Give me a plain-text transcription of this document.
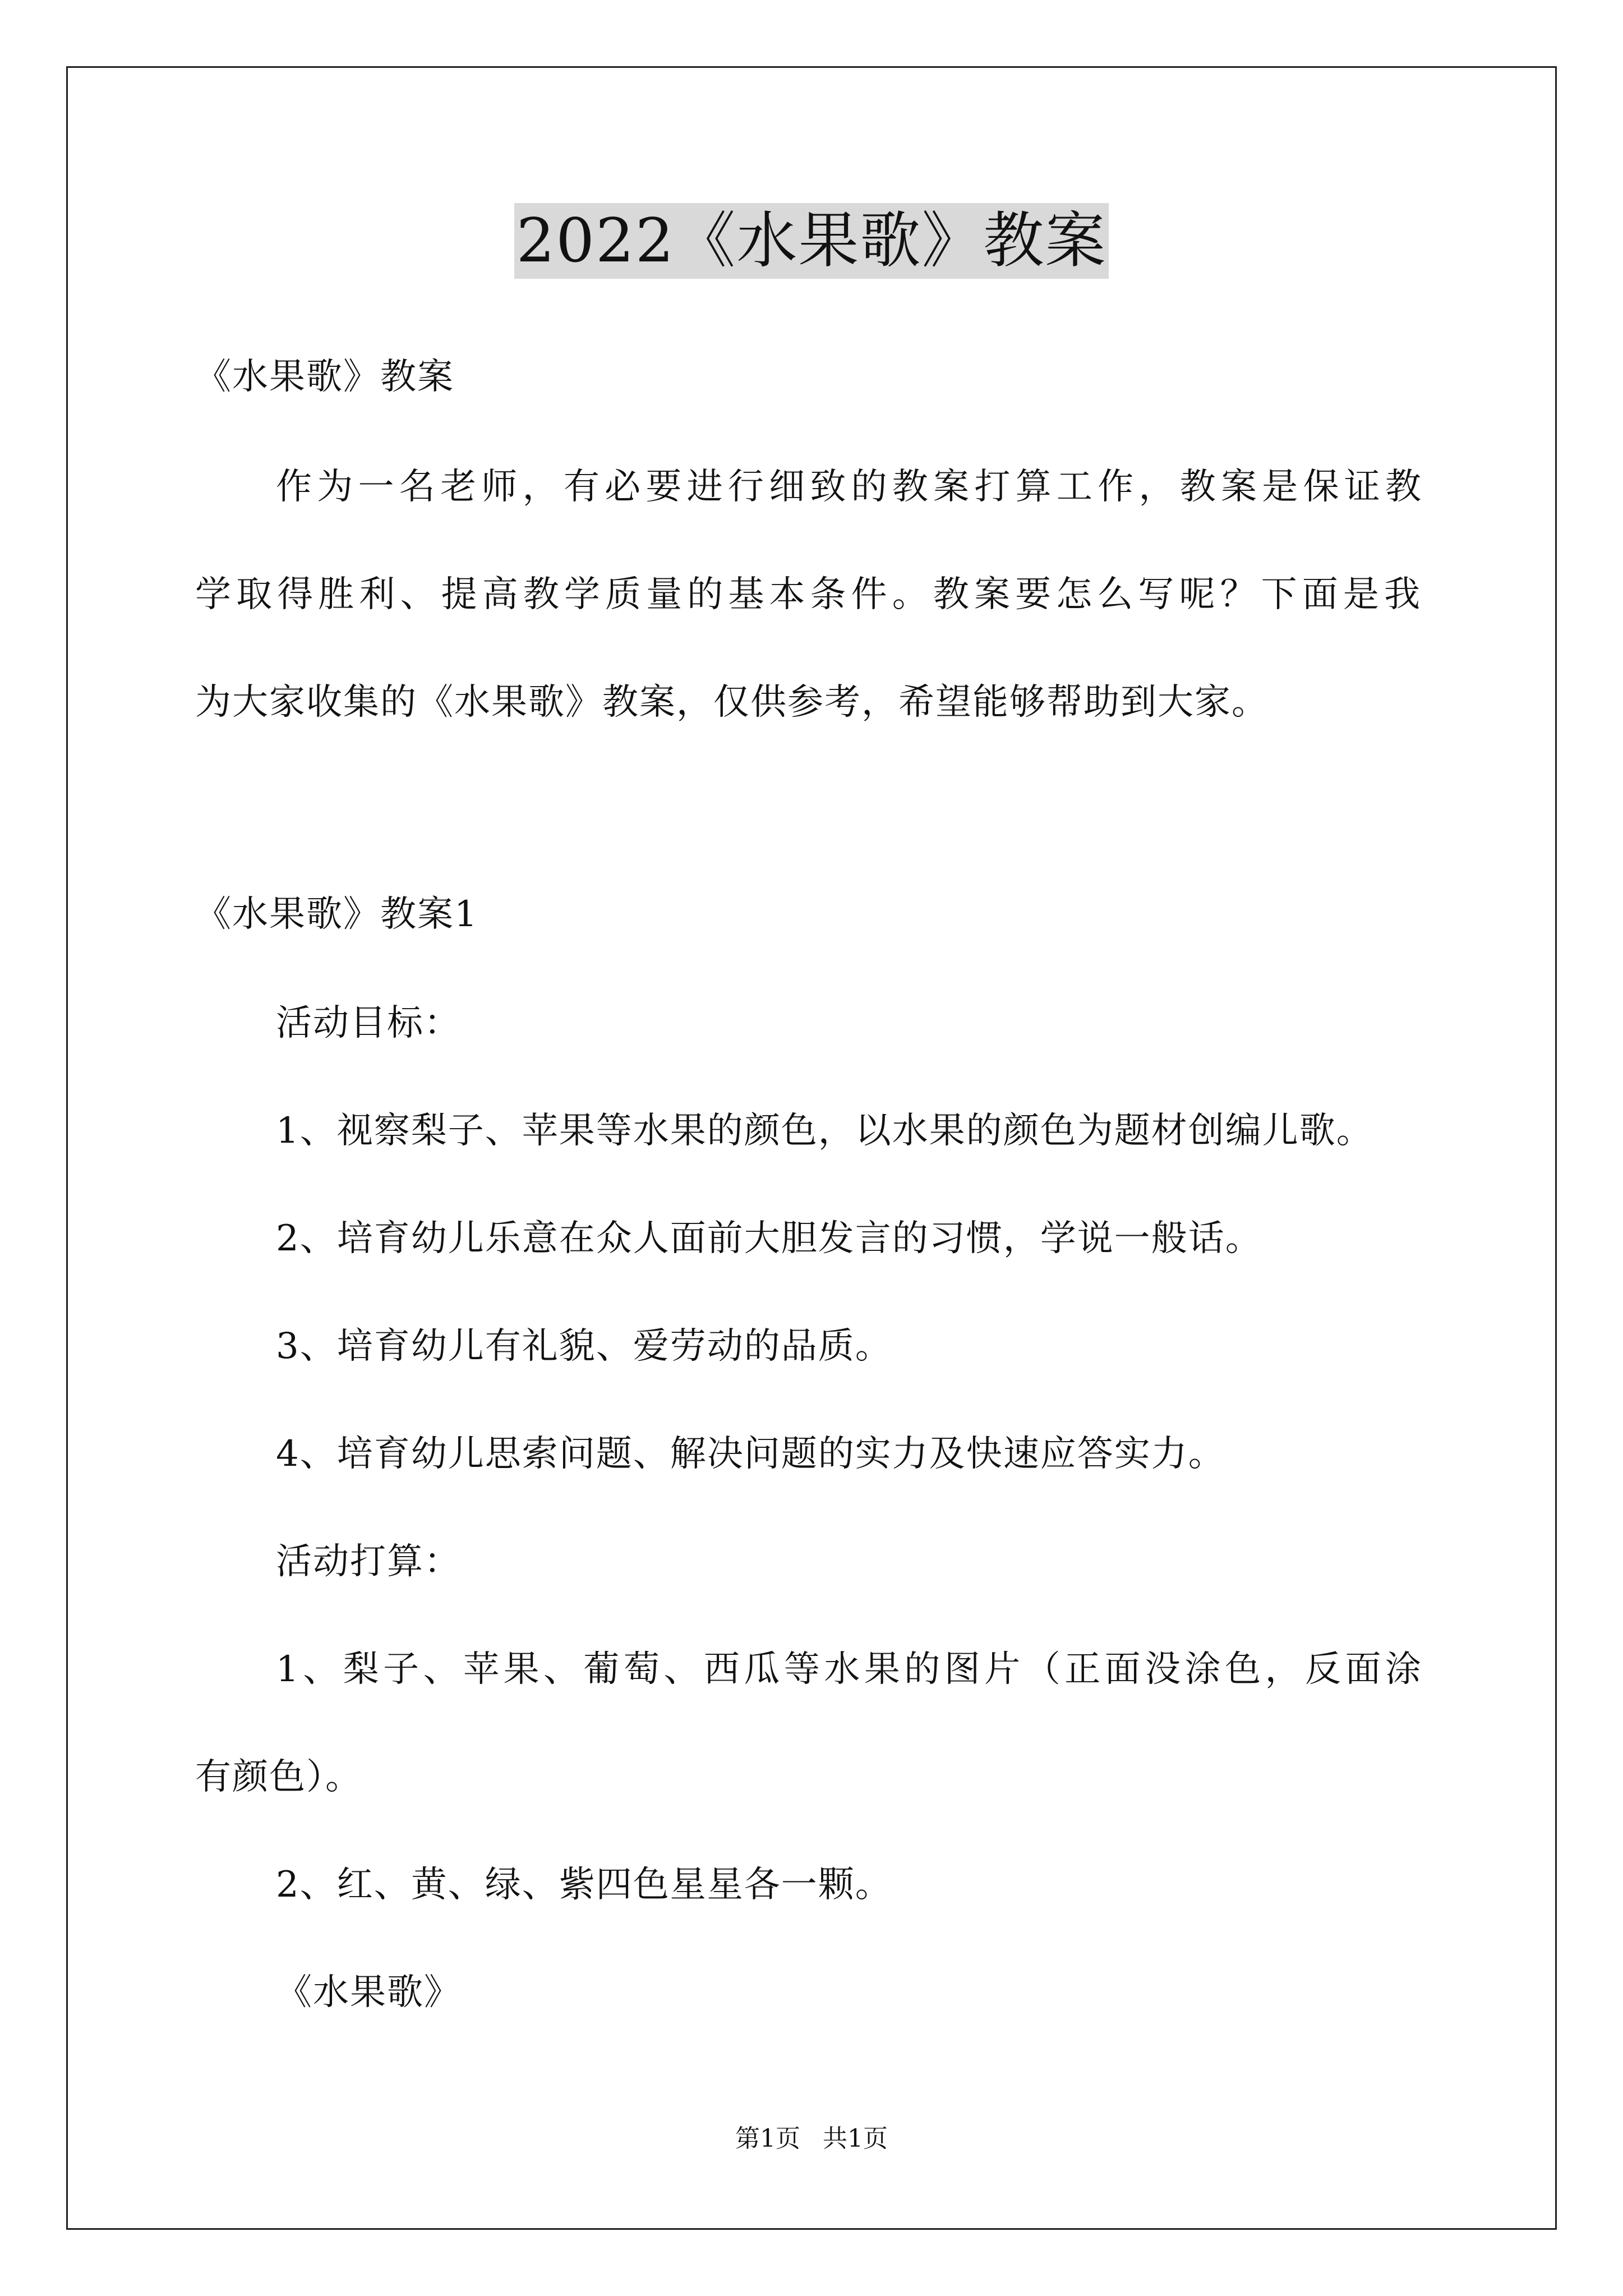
2022《水果歌》教案
《水果歌》教案
作为一名老师，有必要进行细致的教案打算工作，教案是保证教
学取得胜利、提高教学质量的基本条件。教案要怎么写呢？下面是我
为大家收集的《水果歌》教案，仅供参考，希望能够帮助到大家。
《水果歌》教案1
活动目标：
1、视察梨子、苹果等水果的颜色，以水果的颜色为题材创编儿歌。
2、培育幼儿乐意在众人面前大胆发言的习惯，学说一般话。
3、培育幼儿有礼貌、爱劳动的品质。
4、培育幼儿思索问题、解决问题的实力及快速应答实力。
活动打算：
1、梨子、苹果、葡萄、西瓜等水果的图片（正面没涂色，反面涂
有颜色）。
2、红、黄、绿、紫四色星星各一颗。
《水果歌》
第1页 共1页
